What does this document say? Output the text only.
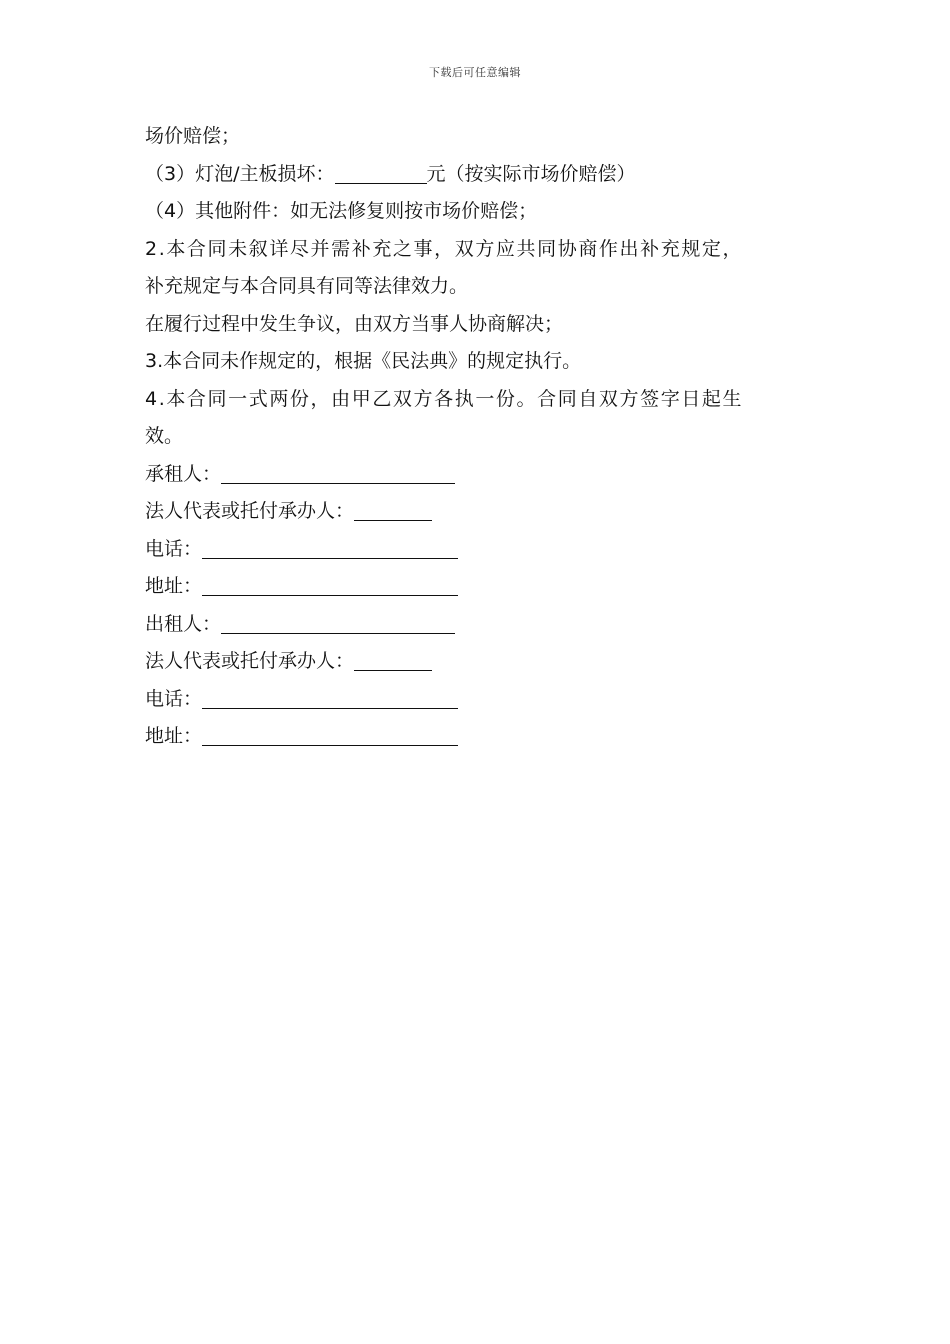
下载后可任意编辑
场价赔偿；
（3）灯泡/主板损坏：	元（按实际市场价赔偿）
（4）其他附件：如无法修复则按市场价赔偿；
2.本合同未叙详尽并需补充之事，双方应共同协商作出补充规定，
补充规定与本合同具有同等法律效力。
在履行过程中发生争议，由双方当事人协商解决；
3.本合同未作规定的，根据《民法典》的规定执行。
4.本合同一式两份，由甲乙双方各执一份。合同自双方签字日起生
效。
承租人：
法人代表或托付承办人：
电话：
地址：
出租人：
法人代表或托付承办人：
电话：
地址：
